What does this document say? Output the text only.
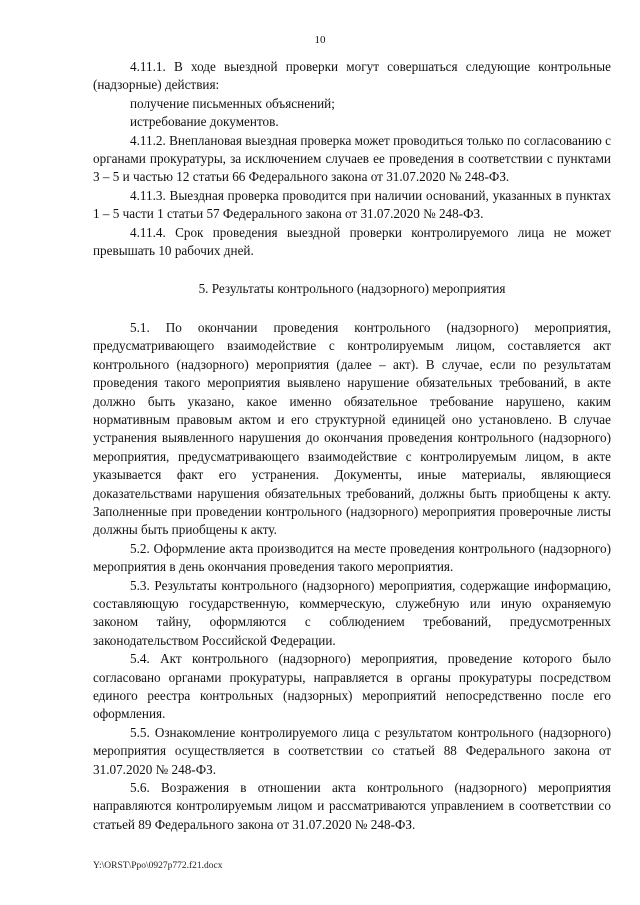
10
4.11.1. В ходе выездной проверки могут совершаться следующие контрольные (надзорные) действия:
получение письменных объяснений;
истребование документов.
4.11.2. Внеплановая выездная проверка может проводиться только по согласованию с органами прокуратуры, за исключением случаев ее проведения в соответствии с пунктами 3 – 5 и частью 12 статьи 66 Федерального закона от 31.07.2020 № 248-ФЗ.
4.11.3. Выездная проверка проводится при наличии оснований, указанных в пунктах 1 – 5 части 1 статьи 57 Федерального закона от 31.07.2020 № 248-ФЗ.
4.11.4. Срок проведения выездной проверки контролируемого лица не может превышать 10 рабочих дней.
5. Результаты контрольного (надзорного) мероприятия
5.1. По окончании проведения контрольного (надзорного) мероприятия, предусматривающего взаимодействие с контролируемым лицом, составляется акт контрольного (надзорного) мероприятия (далее – акт). В случае, если по результатам проведения такого мероприятия выявлено нарушение обязательных требований, в акте должно быть указано, какое именно обязательное требование нарушено, каким нормативным правовым актом и его структурной единицей оно установлено. В случае устранения выявленного нарушения до окончания проведения контрольного (надзорного) мероприятия, предусматривающего взаимодействие с контролируемым лицом, в акте указывается факт его устранения. Документы, иные материалы, являющиеся доказательствами нарушения обязательных требований, должны быть приобщены к акту. Заполненные при проведении контрольного (надзорного) мероприятия проверочные листы должны быть приобщены к акту.
5.2. Оформление акта производится на месте проведения контрольного (надзорного) мероприятия в день окончания проведения такого мероприятия.
5.3. Результаты контрольного (надзорного) мероприятия, содержащие информацию, составляющую государственную, коммерческую, служебную или иную охраняемую законом тайну, оформляются с соблюдением требований, предусмотренных законодательством Российской Федерации.
5.4. Акт контрольного (надзорного) мероприятия, проведение которого было согласовано органами прокуратуры, направляется в органы прокуратуры посредством единого реестра контрольных (надзорных) мероприятий непосредственно после его оформления.
5.5. Ознакомление контролируемого лица с результатом контрольного (надзорного) мероприятия осуществляется в соответствии со статьей 88 Федерального закона от 31.07.2020 № 248-ФЗ.
5.6. Возражения в отношении акта контрольного (надзорного) мероприятия направляются контролируемым лицом и рассматриваются управлением в соответствии со статьей 89 Федерального закона от 31.07.2020 № 248-ФЗ.
Y:\ORST\Ppo\0927p772.f21.docx
